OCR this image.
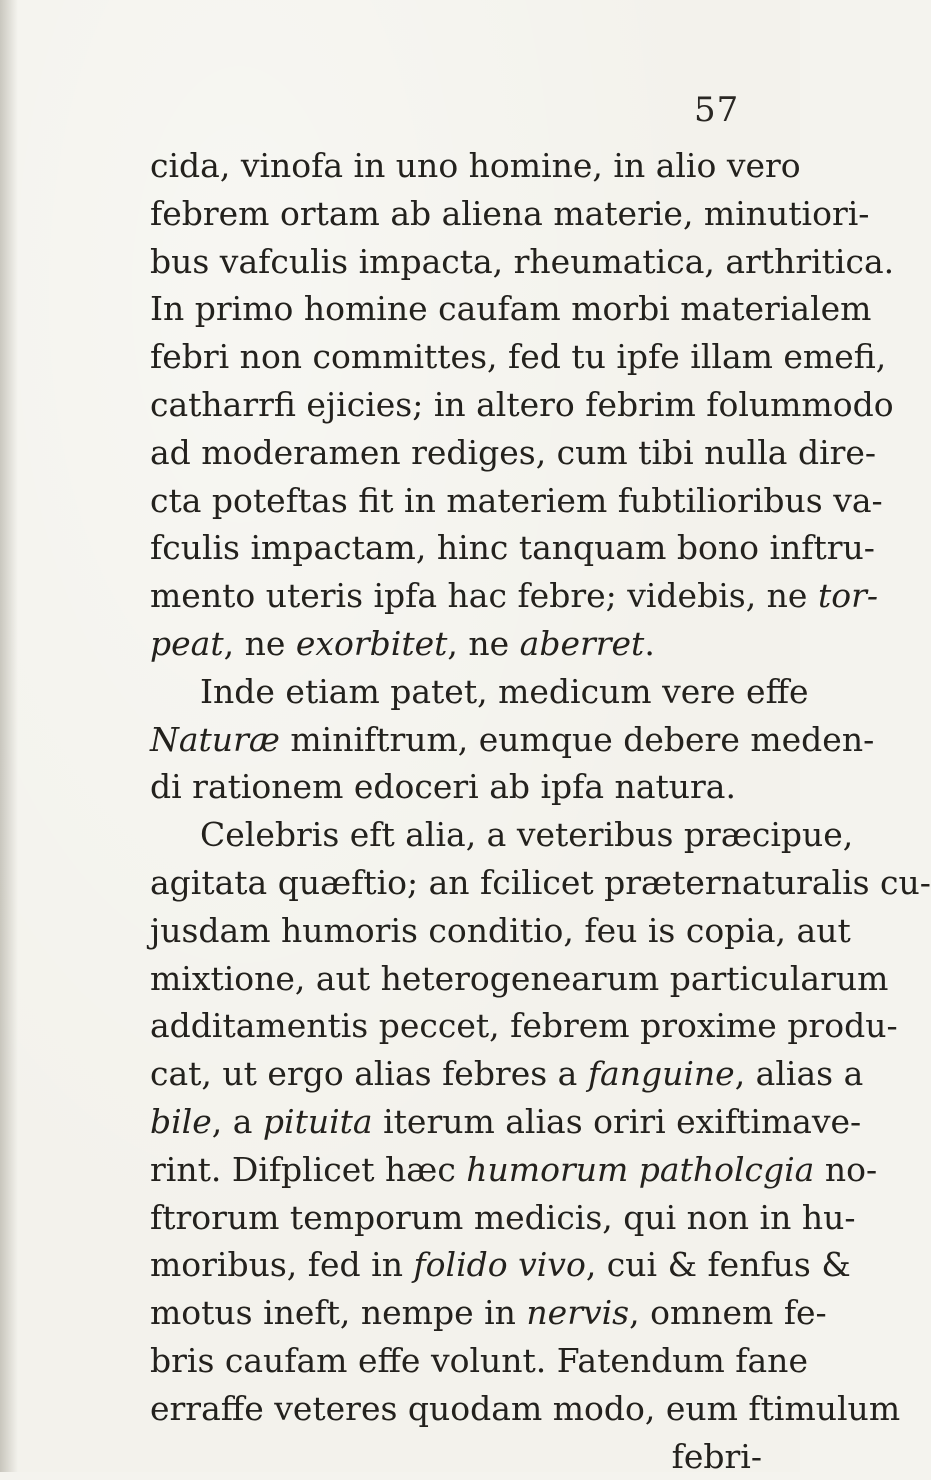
57
cida, vinofa in uno homine, in alio vero
febrem ortam ab aliena materie, minutiori-
bus vafculis impacta, rheumatica, arthritica.
In primo homine caufam morbi materialem
febri non committes, fed tu ipfe illam emefi,
catharrfi ejicies; in altero febrim folummodo
ad moderamen rediges, cum tibi nulla dire-
cta poteftas fit in materiem fubtilioribus va-
fculis impactam, hinc tanquam bono inftru-
mento uteris ipfa hac febre; videbis, ne tor-
peat, ne exorbitet, ne aberret.
Inde etiam patet, medicum vere effe
Naturæ miniftrum, eumque debere meden-
di rationem edoceri ab ipfa natura.
Celebris eft alia, a veteribus præcipue,
agitata quæftio; an fcilicet præternaturalis cu-
jusdam humoris conditio, feu is copia, aut
mixtione, aut heterogenearum particularum
additamentis peccet, febrem proxime produ-
cat, ut ergo alias febres a fanguine, alias a
bile, a pituita iterum alias oriri exiftimave-
rint. Difplicet hæc humorum patholcgia no-
ftrorum temporum medicis, qui non in hu-
moribus, fed in folido vivo, cui & fenfus &
motus ineft, nempe in nervis, omnem fe-
bris caufam effe volunt. Fatendum fane
erraffe veteres quodam modo, eum ftimulum
febri-
